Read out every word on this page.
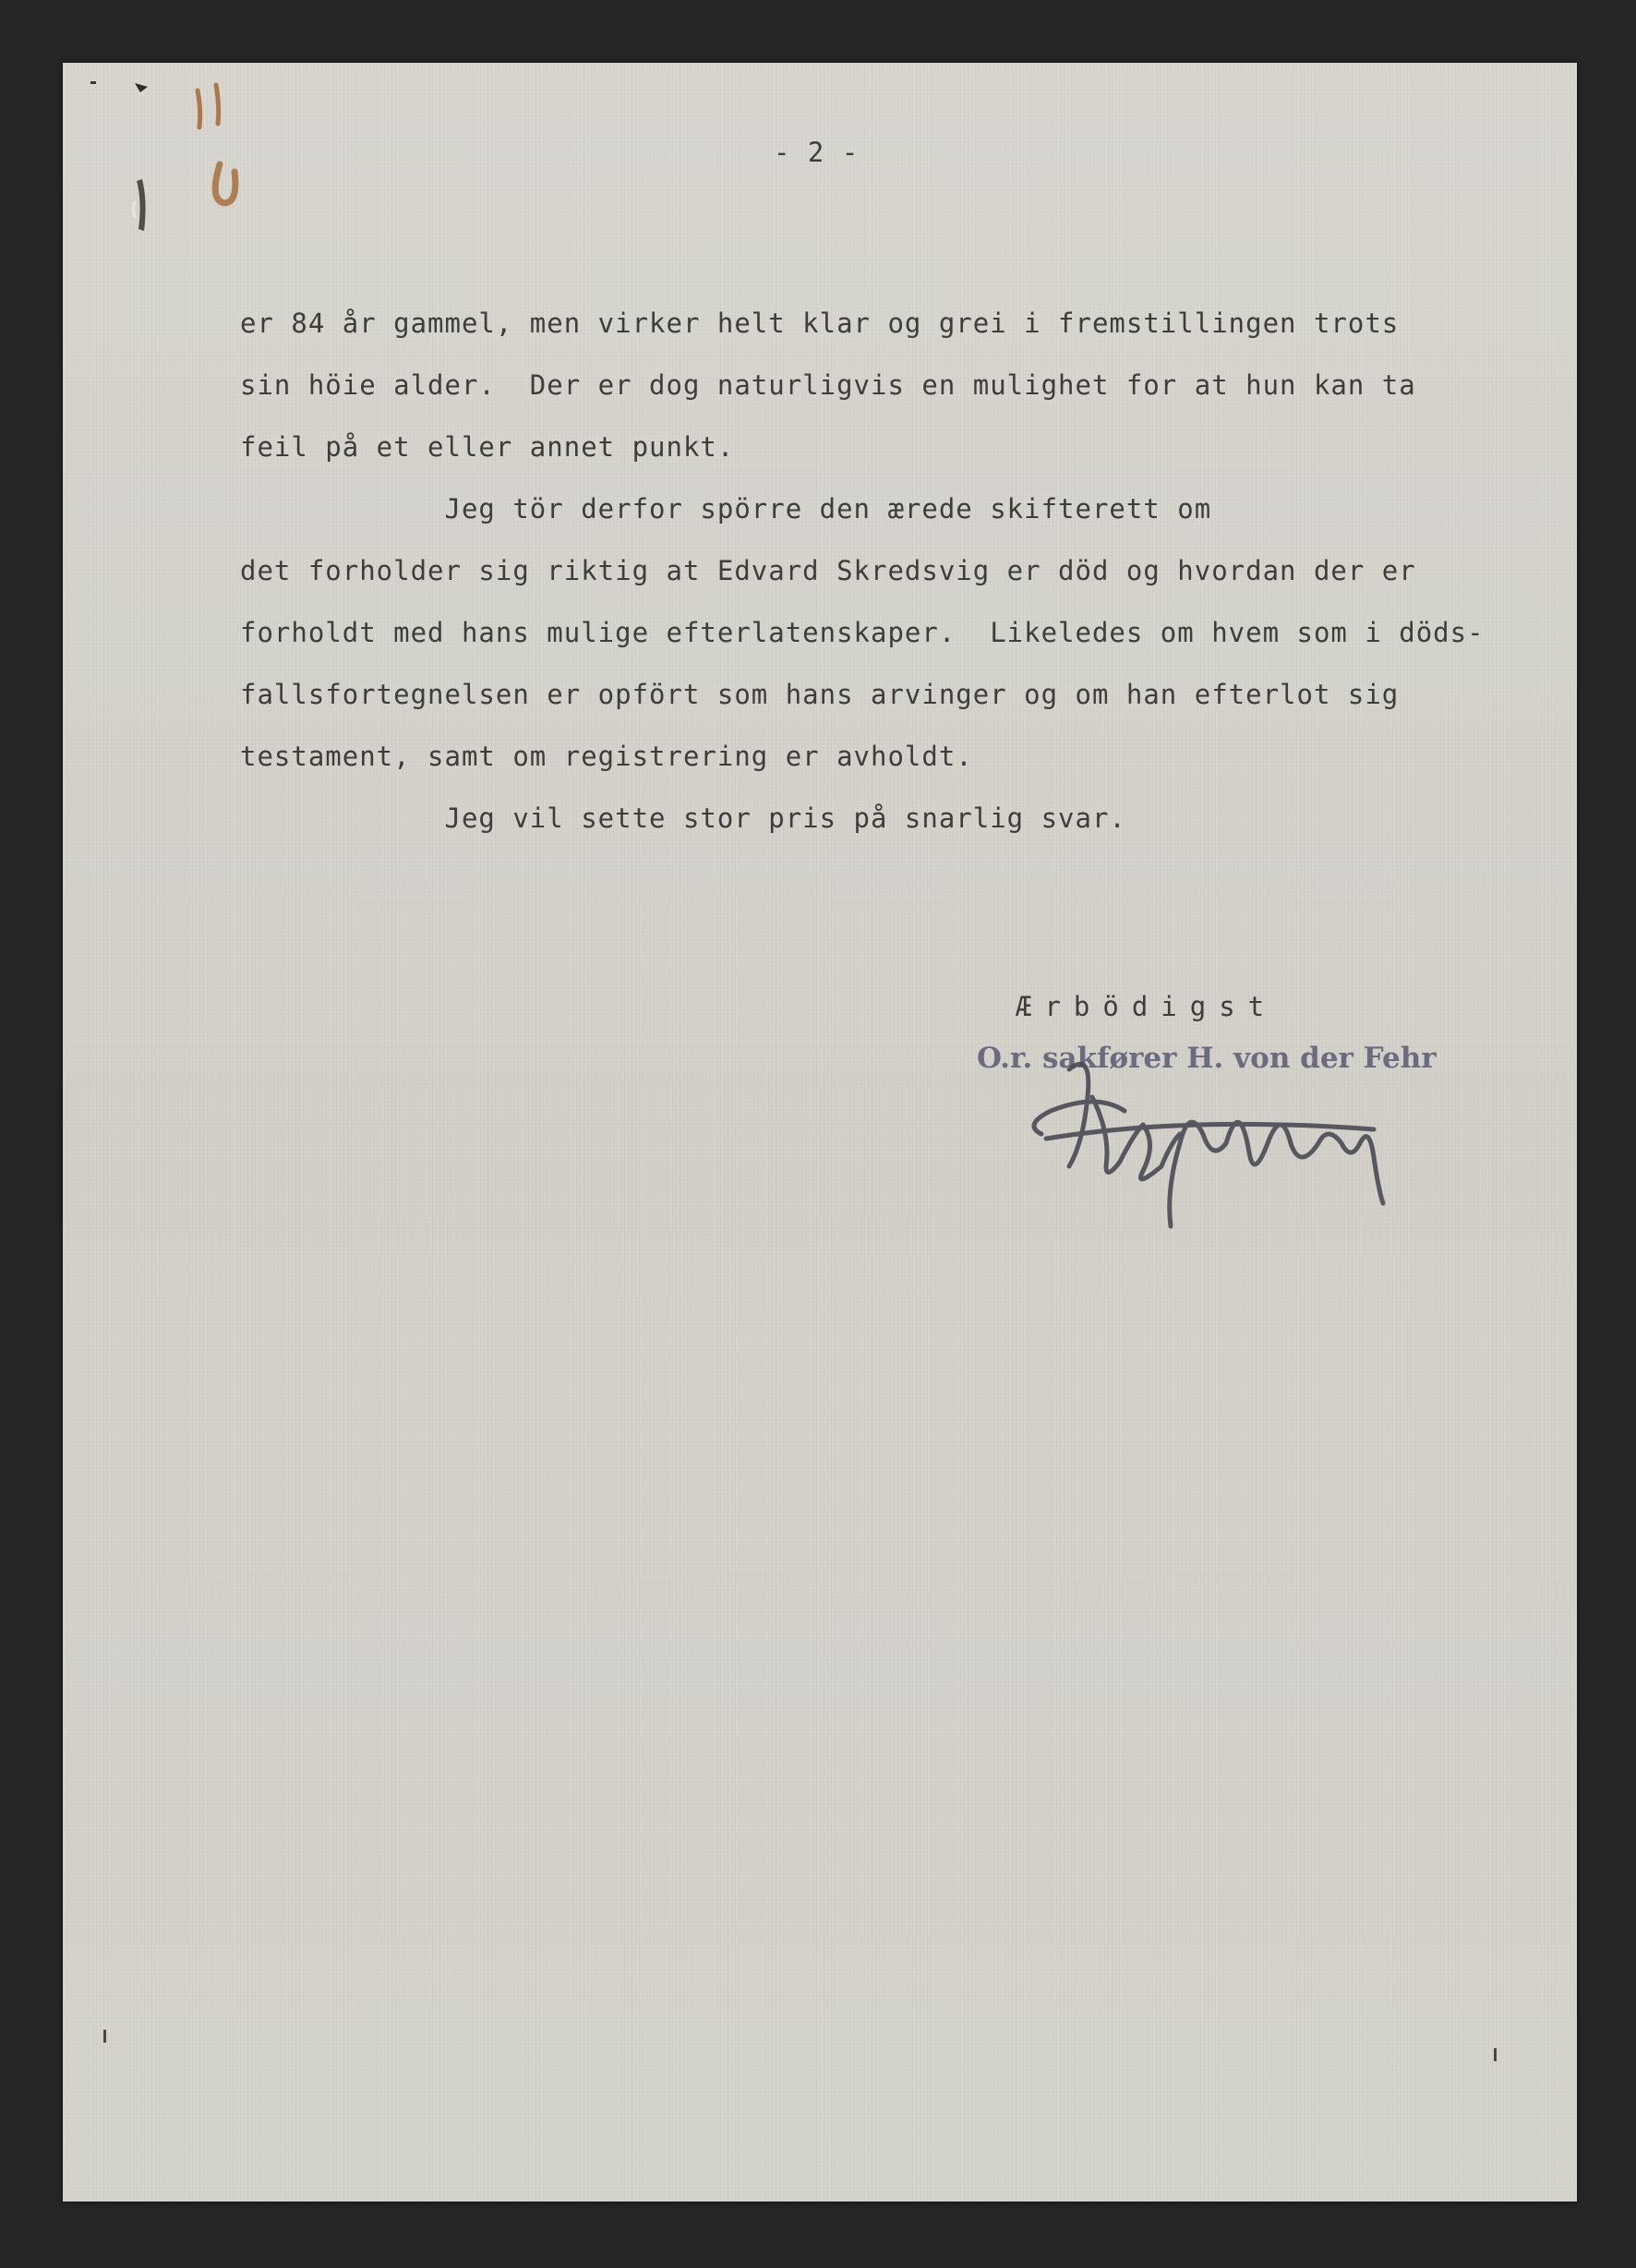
- 2 -
er 84 år gammel, men virker helt klar og grei i fremstillingen trots
sin höie alder.  Der er dog naturligvis en mulighet for at hun kan ta
feil på et eller annet punkt.
Jeg tör derfor spörre den ærede skifterett om
det forholder sig riktig at Edvard Skredsvig er död og hvordan der er
forholdt med hans mulige efterlatenskaper.  Likeledes om hvem som i döds-
fallsfortegnelsen er opfört som hans arvinger og om han efterlot sig
testament, samt om registrering er avholdt.
Jeg vil sette stor pris på snarlig svar.
Ærbödigst
O.r. sakfører H. von der Fehr
